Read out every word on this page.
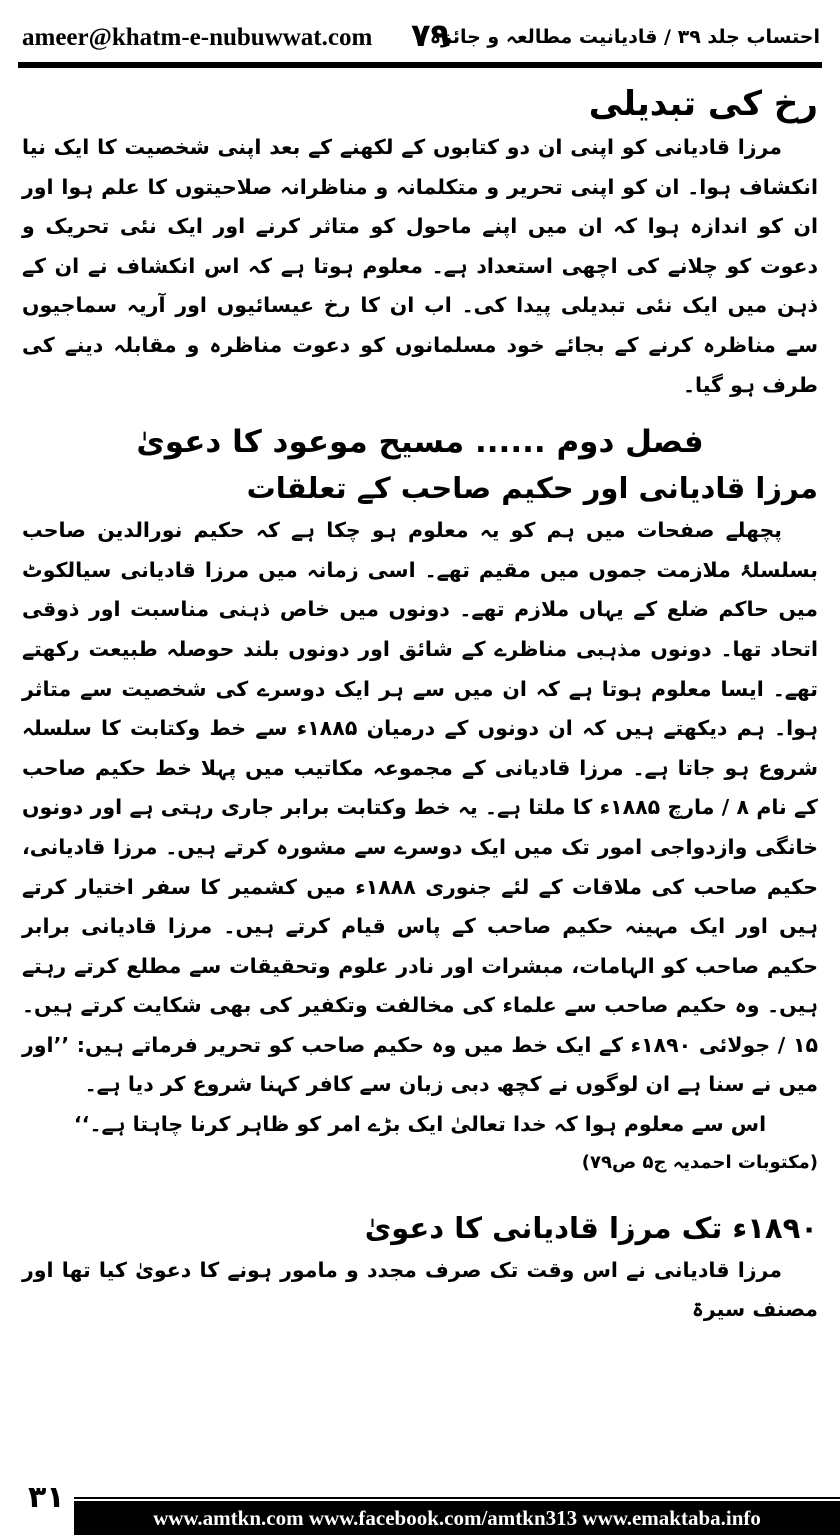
ameer@khatm-e-nubuwwat.com ۷۹
احتساب جلد ۳۹ / قادیانیت مطالعہ و جائزہ
رخ کی تبدیلی

مرزا قادیانی کو اپنی ان دو کتابوں کے لکھنے کے بعد اپنی شخصیت کا ایک نیا انکشاف ہوا۔ ان کو اپنی تحریر و متکلمانہ و مناظرانہ صلاحیتوں کا علم ہوا اور ان کو اندازہ ہوا کہ ان میں اپنے ماحول کو متاثر کرنے اور ایک نئی تحریک و دعوت کو چلانے کی اچھی استعداد ہے۔ معلوم ہوتا ہے کہ اس انکشاف نے ان کے ذہن میں ایک نئی تبدیلی پیدا کی۔ اب ان کا رخ عیسائیوں اور آریہ سماجیوں سے مناظرہ کرنے کے بجائے خود مسلمانوں کو دعوت مناظرہ و مقابلہ دینے کی طرف ہو گیا۔

فصل دوم ...... مسیح موعود کا دعویٰ
مرزا قادیانی اور حکیم صاحب کے تعلقات

پچھلے صفحات میں ہم کو یہ معلوم ہو چکا ہے کہ حکیم نورالدین صاحب بسلسلۂ ملازمت جموں میں مقیم تھے۔ اسی زمانہ میں مرزا قادیانی سیالکوٹ میں حاکم ضلع کے یہاں ملازم تھے۔ دونوں میں خاص ذہنی مناسبت اور ذوقی اتحاد تھا۔ دونوں مذہبی مناظرے کے شائق اور دونوں بلند حوصلہ طبیعت رکھتے تھے۔ ایسا معلوم ہوتا ہے کہ ان میں سے ہر ایک دوسرے کی شخصیت سے متاثر ہوا۔ ہم دیکھتے ہیں کہ ان دونوں کے درمیان ۱۸۸۵ء سے خط وکتابت کا سلسلہ شروع ہو جاتا ہے۔ مرزا قادیانی کے مجموعہ مکاتیب میں پہلا خط حکیم صاحب کے نام ۸ / مارچ ۱۸۸۵ء کا ملتا ہے۔ یہ خط وکتابت برابر جاری رہتی ہے اور دونوں خانگی وازدواجی امور تک میں ایک دوسرے سے مشورہ کرتے ہیں۔ مرزا قادیانی، حکیم صاحب کی ملاقات کے لئے جنوری ۱۸۸۸ء میں کشمیر کا سفر اختیار کرتے ہیں اور ایک مہینہ حکیم صاحب کے پاس قیام کرتے ہیں۔ مرزا قادیانی برابر حکیم صاحب کو الہامات، مبشرات اور نادر علوم وتحقیقات سے مطلع کرتے رہتے ہیں۔ وہ حکیم صاحب سے علماء کی مخالفت وتکفیر کی بھی شکایت کرتے ہیں۔ ۱۵ / جولائی ۱۸۹۰ء کے ایک خط میں وہ حکیم صاحب کو تحریر فرماتے ہیں: ’’اور میں نے سنا ہے ان لوگوں نے کچھ دبی زبان سے کافر کہنا شروع کر دیا ہے۔

اس سے معلوم ہوا کہ خدا تعالیٰ ایک بڑے امر کو ظاہر کرنا چاہتا ہے۔‘‘

(مکتوبات احمدیہ ج۵ ص۷۹)
۱۸۹۰ء تک مرزا قادیانی کا دعویٰ

مرزا قادیانی نے اس وقت تک صرف مجدد و مامور ہونے کا دعویٰ کیا تھا اور مصنف سیرۃ

۳۱
www.amtkn.com www.facebook.com/amtkn313 www.emaktaba.info
